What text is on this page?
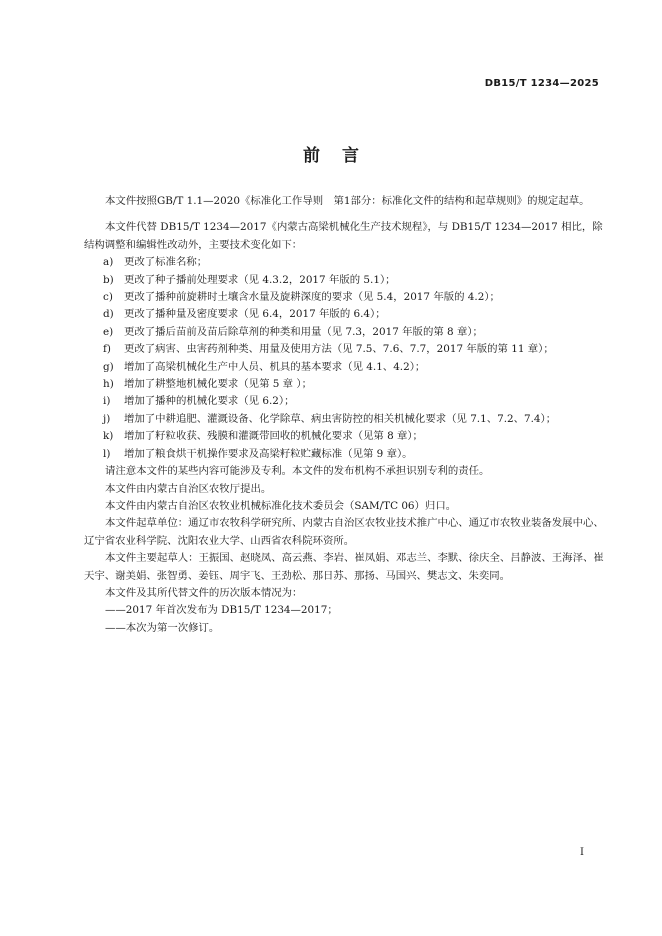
DB15/T 1234—2025
前言

本文件按照GB/T 1.1—2020《标准化工作导则　第1部分：标准化文件的结构和起草规则》的规定起草。

本文件代替 DB15/T 1234—2017《内蒙古高梁机械化生产技术规程》，与 DB15/T 1234—2017 相比，除结构调整和编辑性改动外，主要技术变化如下：

a)	更改了标准名称；
b) 更改了种子播前处理要求（见 4.3.2，2017 年版的 5.1）；
c)	更改了播种前旋耕时土壤含水量及旋耕深度的要求（见 5.4，2017 年版的 4.2）；
d) 更改了播种量及密度要求（见 6.4，2017 年版的 6.4）；
e)	更改了播后苗前及苗后除草剂的种类和用量（见 7.3，2017 年版的第 8 章）；
f)	更改了病害、虫害药剂种类、用量及使用方法（见 7.5、7.6、7.7，2017 年版的第 11 章）；
g) 增加了高梁机械化生产中人员、机具的基本要求（见 4.1、4.2）；
h) 增加了耕整地机械化要求（见第 5 章 ）；
i)	增加了播种的机械化要求（见 6.2）；
j)	增加了中耕追肥、灌溉设备、化学除草、病虫害防控的相关机械化要求（见 7.1、7.2、7.4）；
k)	增加了籽粒收获、残膜和灌溉带回收的机械化要求（见第 8 章）；
l)	增加了粮食烘干机操作要求及高梁籽粒贮藏标准（见第 9 章）。

请注意本文件的某些内容可能涉及专利。本文件的发布机构不承担识别专利的责任。

本文件由内蒙古自治区农牧厅提出。

本文件由内蒙古自治区农牧业机械标准化技术委员会（SAM/TC 06）归口。

本文件起草单位：通辽市农牧科学研究所、内蒙古自治区农牧业技术推广中心、通辽市农牧业装备发展中心、辽宁省农业科学院、沈阳农业大学、山西省农科院环资所。

本文件主要起草人：王振国、赵晓凤、高云燕、李岩、崔凤娟、邓志兰、李默、徐庆全、吕静波、王海泽、崔天宇、谢美娟、张智勇、姜钰、周宇飞、王劲松、那日苏、那扬、马国兴、樊志文、朱奕同。

本文件及其所代替文件的历次版本情况为：

——2017 年首次发布为 DB15/T 1234—2017；

——本次为第一次修订。

I
